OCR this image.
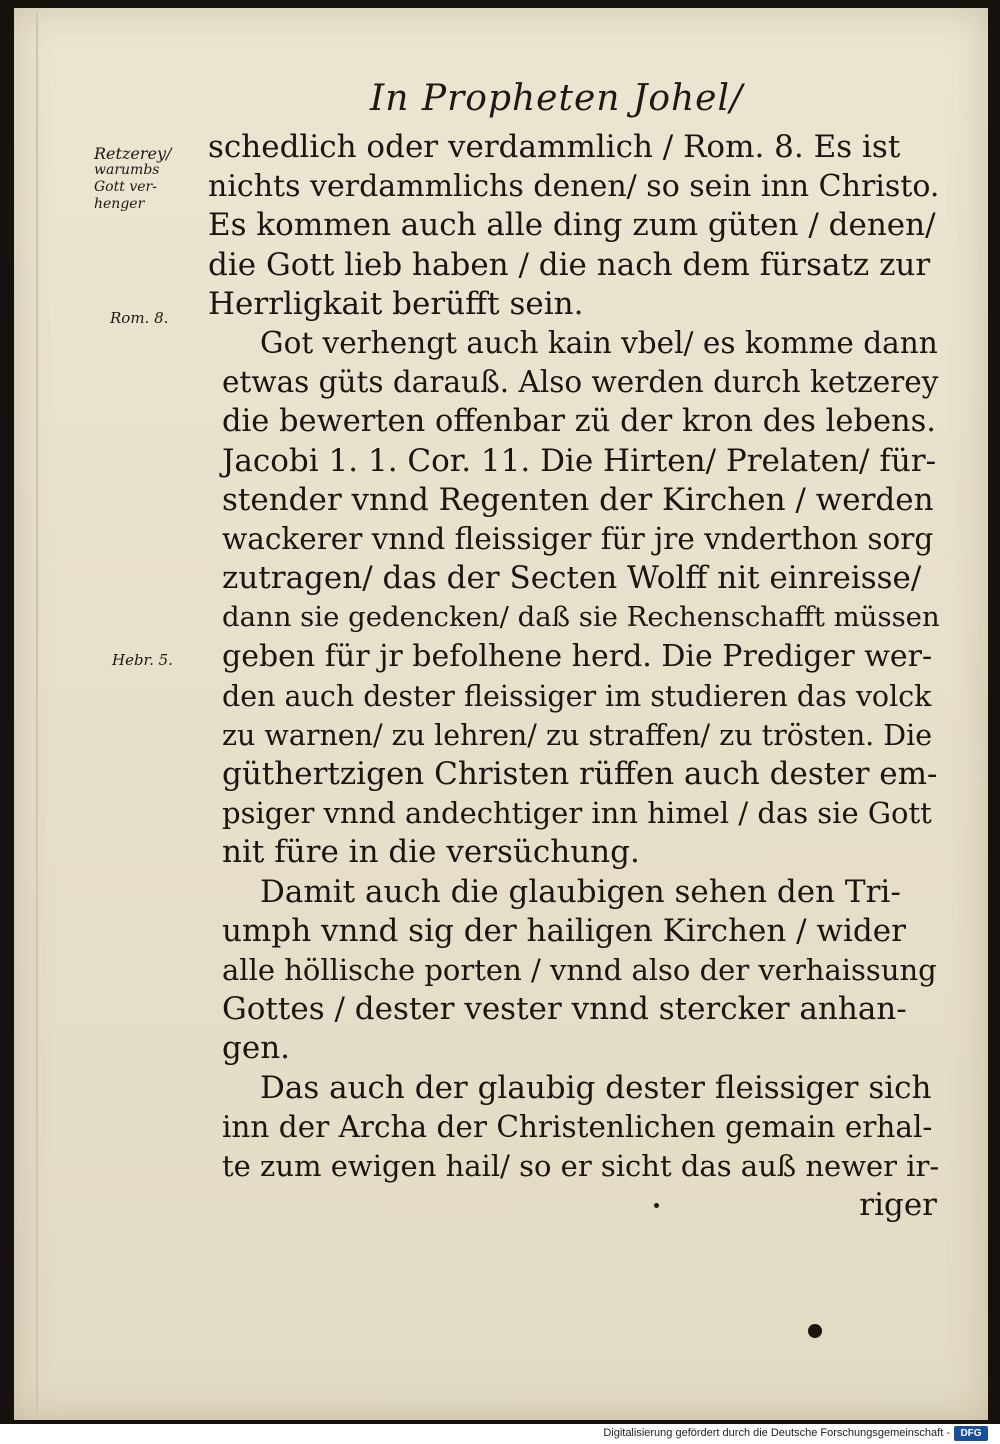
In Propheten Johel/
Retzerey/
warumbs
Gott ver-
henger
Rom. 8.
Hebr. 5.
schedlich oder verdammlich / Rom. 8. Es ist
nichts verdammlichs denen/ so sein inn Christo.
Es kommen auch alle ding zum güten / denen/
die Gott lieb haben / die nach dem fürsatz zur
Herrligkait berüfft sein.
Got verhengt auch kain vbel/ es komme dann
etwas güts darauß. Also werden durch ketzerey
die bewerten offenbar zü der kron des lebens.
Jacobi 1. 1. Cor. 11. Die Hirten/ Prelaten/ für-
stender vnnd Regenten der Kirchen / werden
wackerer vnnd fleissiger für jre vnderthon sorg
zutragen/ das der Secten Wolff nit einreisse/
dann sie gedencken/ daß sie Rechenschafft müssen
geben für jr befolhene herd. Die Prediger wer-
den auch dester fleissiger im studieren das volck
zu warnen/ zu lehren/ zu straffen/ zu trösten. Die
güthertzigen Christen rüffen auch dester em-
psiger vnnd andechtiger inn himel / das sie Gott
nit füre in die versüchung.
Damit auch die glaubigen sehen den Tri-
umph vnnd sig der hailigen Kirchen / wider
alle höllische porten / vnnd also der verhaissung
Gottes / dester vester vnnd stercker anhan-
gen.
Das auch der glaubig dester fleissiger sich
inn der Archa der Christenlichen gemain erhal-
te zum ewigen hail/ so er sicht das auß newer ir-
riger
Digitalisierung gefördert durch die Deutsche Forschungsgemeinschaft -	DFG
